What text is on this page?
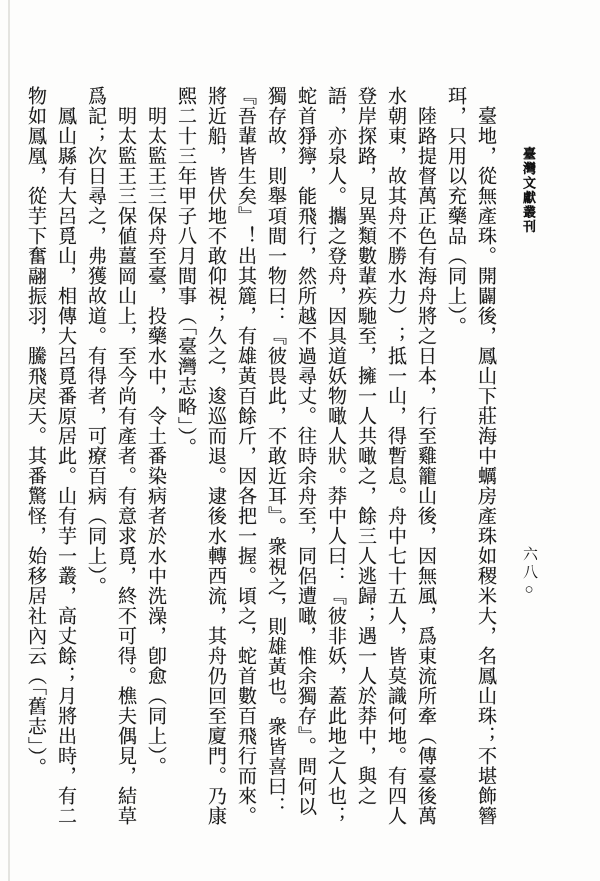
臺灣文獻叢刊
六八○

臺地，從無產珠。開闢後，鳳山下莊海中蠣房產珠如稷米大，名鳳山珠；不堪飾簪珥，只用以充藥品（同上）。

陸路提督萬正色有海舟將之日本，行至雞籠山後，因無風，爲東流所牽（傳臺後萬水朝東，故其舟不勝水力）；抵一山，得暫息。舟中七十五人，皆莫識何地。有四人登岸探路，見異類數輩疾馳至，擁一人共噉之，餘三人逃歸；遇一人於莽中，與之語，亦泉人。攜之登舟，因具道妖物噉人狀。莽中人曰：『彼非妖，蓋此地之人也；蛇首猙獰，能飛行，然所越不過尋丈。往時余舟至，同侶遭噉，惟余獨存』。問何以獨存故，則舉項間一物曰：『彼畏此，不敢近耳』。衆視之，則雄黃也。衆皆喜曰：『吾輩皆生矣』！出其簏，有雄黃百餘斤，因各把一握。頃之，蛇首數百飛行而來。將近船，皆伏地不敢仰視；久之，逡巡而退。逮後水轉西流，其舟仍回至廈門。乃康熙二十三年甲子八月間事（「臺灣志略」）。

明太監王三保舟至臺，投藥水中，令土番染病者於水中洗澡，卽愈（同上）。

明太監王三保値薑岡山上，至今尚有產者。有意求覓，終不可得。樵夫偶見，結草爲記；次日尋之，弗獲故道。有得者，可療百病（同上）。

鳳山縣有大呂覓山，相傳大呂覓番原居此。山有芋一叢，高丈餘；月將出時，有二物如鳳凰，從芋下奮翮振羽，騰飛戾天。其番驚怪，始移居社內云（「舊志」）。
